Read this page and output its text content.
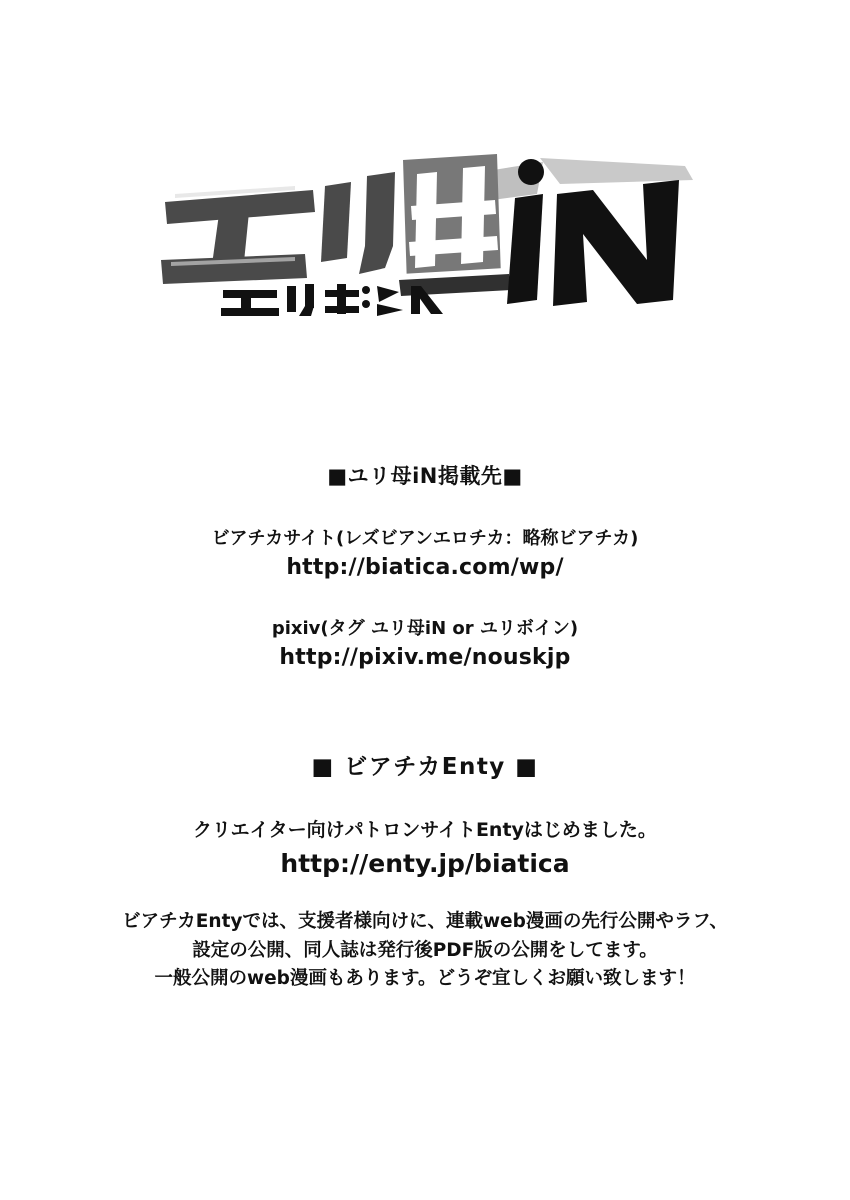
■ユリ母iN掲載先■
ビアチカサイト(レズビアンエロチカ：略称ビアチカ)
http://biatica.com/wp/
pixiv(タグ ユリ母iN or ユリボイン)
http://pixiv.me/nouskjp
■ ビアチカEnty ■
クリエイター向けパトロンサイトEntyはじめました。
http://enty.jp/biatica
ビアチカEntyでは、支援者様向けに、連載web漫画の先行公開やラフ、
設定の公開、同人誌は発行後PDF版の公開をしてます。
一般公開のweb漫画もあります。どうぞ宜しくお願い致します！
